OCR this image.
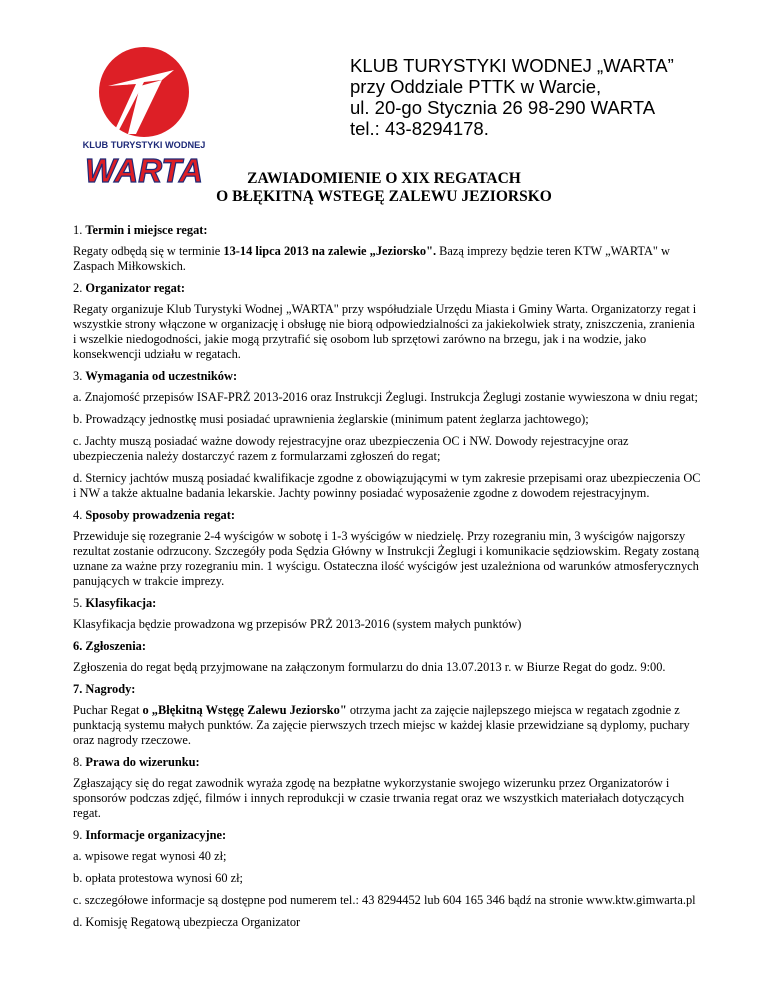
KLUB TURYSTYKI WODNEJ
WARTA
KLUB TURYSTYKI WODNEJ „WARTA”
przy Oddziale PTTK w Warcie,
ul. 20-go Stycznia 26 98-290 WARTA
tel.: 43-8294178.
ZAWIADOMIENIE O XIX REGATACH
O BŁĘKITNĄ WSTEGĘ ZALEWU JEZIORSKO
1. Termin i miejsce regat:
Regaty odbędą się w terminie 13-14 lipca 2013 na zalewie „Jeziorsko". Bazą imprezy będzie teren KTW „WARTA" w Zaspach Miłkowskich.
2. Organizator regat:
Regaty organizuje Klub Turystyki Wodnej „WARTA" przy współudziale Urzędu Miasta i Gminy Warta. Organizatorzy regat i wszystkie strony włączone w organizację i obsługę nie biorą odpowiedzialności za jakiekolwiek straty, zniszczenia, zranienia i wszelkie niedogodności, jakie mogą przytrafić się osobom lub sprzętowi zarówno na brzegu, jak i na wodzie, jako konsekwencji udziału w regatach.
3. Wymagania od uczestników:
a. Znajomość przepisów ISAF-PRŻ 2013-2016 oraz Instrukcji Żeglugi. Instrukcja Żeglugi zostanie wywieszona w dniu regat;
b. Prowadzący jednostkę musi posiadać uprawnienia żeglarskie (minimum patent żeglarza jachtowego);
c. Jachty muszą posiadać ważne dowody rejestracyjne oraz ubezpieczenia OC i NW. Dowody rejestracyjne oraz ubezpieczenia należy dostarczyć razem z formularzami zgłoszeń do regat;
d. Sternicy jachtów muszą posiadać kwalifikacje zgodne z obowiązującymi w tym zakresie przepisami oraz ubezpieczenia OC i NW a także aktualne badania lekarskie. Jachty powinny posiadać wyposażenie zgodne z dowodem rejestracyjnym.
4. Sposoby prowadzenia regat:
Przewiduje się rozegranie 2-4 wyścigów w sobotę i 1-3 wyścigów w niedzielę. Przy rozegraniu min, 3 wyścigów najgorszy rezultat zostanie odrzucony. Szczegóły poda Sędzia Główny w Instrukcji Żeglugi i komunikacie sędziowskim. Regaty zostaną uznane za ważne przy rozegraniu min. 1 wyścigu. Ostateczna ilość wyścigów jest uzależniona od warunków atmosferycznych panujących w trakcie imprezy.
5. Klasyfikacja:
Klasyfikacja będzie prowadzona wg przepisów PRŻ 2013-2016 (system małych punktów)
6. Zgłoszenia:
Zgłoszenia do regat będą przyjmowane na załączonym formularzu do dnia 13.07.2013 r. w Biurze Regat do godz. 9:00.
7. Nagrody:
Puchar Regat o „Błękitną Wstęgę Zalewu Jeziorsko" otrzyma jacht za zajęcie najlepszego miejsca w regatach zgodnie z punktacją systemu małych punktów. Za zajęcie pierwszych trzech miejsc w każdej klasie przewidziane są dyplomy, puchary oraz nagrody rzeczowe.
8. Prawa do wizerunku:
Zgłaszający się do regat zawodnik wyraża zgodę na bezpłatne wykorzystanie swojego wizerunku przez Organizatorów i sponsorów podczas zdjęć, filmów i innych reprodukcji w czasie trwania regat oraz we wszystkich materiałach dotyczących regat.
9. Informacje organizacyjne:
a. wpisowe regat wynosi 40 zł;
b. opłata protestowa wynosi 60 zł;
c. szczegółowe informacje są dostępne pod numerem tel.: 43 8294452 lub 604 165 346 bądź na stronie www.ktw.gimwarta.pl
d. Komisję Regatową ubezpiecza Organizator
